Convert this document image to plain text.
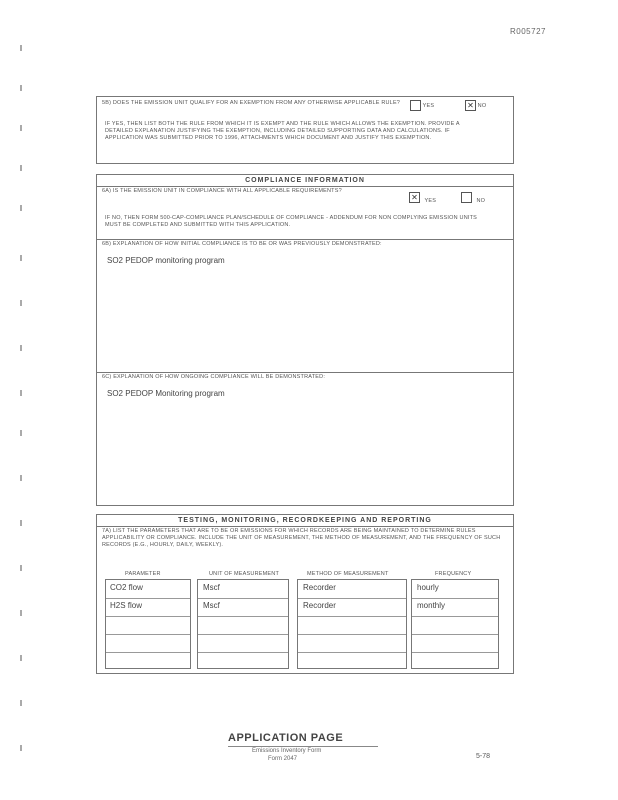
R005727
5B) DOES THE EMISSION UNIT QUALIFY FOR AN EXEMPTION FROM ANY OTHERWISE APPLICABLE RULE?
YES	✕ NO
IF YES, THEN LIST BOTH THE RULE FROM WHICH IT IS EXEMPT AND THE RULE WHICH ALLOWS THE EXEMPTION. PROVIDE A DETAILED EXPLANATION JUSTIFYING THE EXEMPTION, INCLUDING DETAILED SUPPORTING DATA AND CALCULATIONS. IF APPLICATION WAS SUBMITTED PRIOR TO 1996, ATTACHMENTS WHICH DOCUMENT AND JUSTIFY THIS EXEMPTION.
COMPLIANCE INFORMATION
6A) IS THE EMISSION UNIT IN COMPLIANCE WITH ALL APPLICABLE REQUIREMENTS?
✕ YES	NO
IF NO, THEN FORM 500-CAP-COMPLIANCE PLAN/SCHEDULE OF COMPLIANCE - ADDENDUM FOR NON COMPLYING EMISSION UNITS MUST BE COMPLETED AND SUBMITTED WITH THIS APPLICATION.
6B) EXPLANATION OF HOW INITIAL COMPLIANCE IS TO BE OR WAS PREVIOUSLY DEMONSTRATED:
SO2 PEDOP monitoring program
6C) EXPLANATION OF HOW ONGOING COMPLIANCE WILL BE DEMONSTRATED:
SO2 PEDOP Monitoring program
TESTING, MONITORING, RECORDKEEPING AND REPORTING
7A) LIST THE PARAMETERS THAT ARE TO BE OR EMISSIONS FOR WHICH RECORDS ARE BEING MAINTAINED TO DETERMINE RULES APPLICABILITY OR COMPLIANCE. INCLUDE THE UNIT OF MEASUREMENT, THE METHOD OF MEASUREMENT, AND THE FREQUENCY OF SUCH RECORDS (E.G., HOURLY, DAILY, WEEKLY).
PARAMETER	UNIT OF MEASUREMENT	METHOD OF MEASUREMENT	FREQUENCY
CO2 flow	Mscf	Recorder	hourly
H2S flow	Mscf	Recorder	monthly
APPLICATION PAGE
Emissions Inventory Form
Form 2047	5-78
